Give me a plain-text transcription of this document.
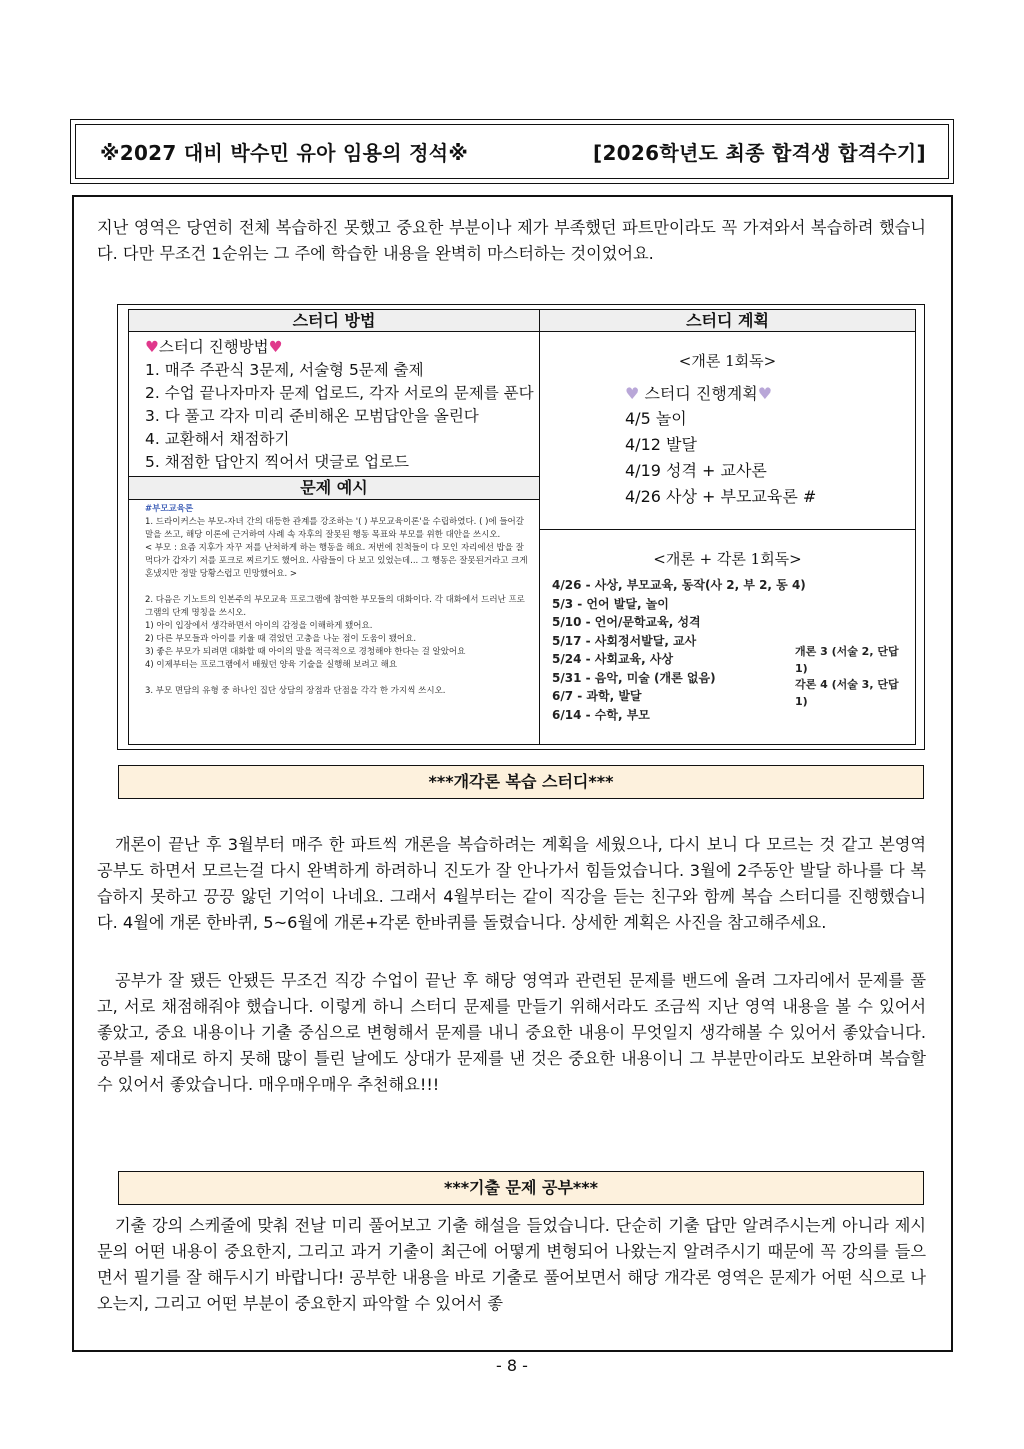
※2027 대비 박수민 유아 임용의 정석※	[2026학년도 최종 합격생 합격수기]

지난 영역은 당연히 전체 복습하진 못했고 중요한 부분이나 제가 부족했던 파트만이라도 꼭 가져와서 복습하려 했습니다. 다만 무조건 1순위는 그 주에 학습한 내용을 완벽히 마스터하는 것이었어요.

스터디 방법
♥스터디 진행방법♥
1. 매주 주관식 3문제, 서술형 5문제 출제
2. 수업 끝나자마자 문제 업로드, 각자 서로의 문제를 푼다
3. 다 풀고 각자 미리 준비해온 모범답안을 올린다
4. 교환해서 채점하기
5. 채점한 답안지 찍어서 댓글로 업로드
문제 예시
#부모교육론
1. 드라이커스는 부모-자녀 간의 대등한 관계를 강조하는 '( ) 부모교육이론'을 수립하였다. ( )에 들어갈 말을 쓰고, 해당 이론에 근거하여 사례 속 자후의 잘못된 행동 목표와 부모를 위한 대안을 쓰시오.
< 부모 : 요즘 지후가 자꾸 저를 난처하게 하는 행동을 해요. 저번에 친척들이 다 모인 자리에선 밥을 잘 먹다가 갑자기 저를 포크로 찌르기도 했어요. 사람들이 다 보고 있었는데... 그 행동은 잘못된거라고 크게 혼냈지만 정말 당황스럽고 민망했어요. >
2. 다음은 기노트의 인본주의 부모교육 프로그램에 참여한 부모들의 대화이다. 각 대화에서 드러난 프로그램의 단계 명칭을 쓰시오.
1) 아이 입장에서 생각하면서 아이의 감정을 이해하게 됐어요.
2) 다른 부모들과 아이를 키울 때 겪었던 고충을 나눈 점이 도움이 됐어요.
3) 좋은 부모가 되려면 대화할 때 아이의 말을 적극적으로 경청해야 한다는 걸 알았어요
4) 이제부터는 프로그램에서 배웠던 양육 기술을 실행해 보려고 해요
3. 부모 면담의 유형 중 하나인 집단 상담의 장점과 단점을 각각 한 가지씩 쓰시오.
스터디 계획
<개론 1회독>
♥ 스터디 진행계획♥
4/5 놀이
4/12 발달
4/19 성격 + 교사론
4/26 사상 + 부모교육론 #
<개론 + 각론 1회독>
4/26 - 사상, 부모교육, 동작(사 2, 부 2, 동 4)
5/3 - 언어 발달, 놀이
5/10 - 언어/문학교육, 성격
5/17 - 사회정서발달, 교사
5/24 - 사회교육, 사상
5/31 - 음악, 미술 (개론 없음)
6/7 - 과학, 발달
6/14 - 수학, 부모
개론 3 (서술 2, 단답 1)
각론 4 (서술 3, 단답 1)
***개각론 복습 스터디***

개론이 끝난 후 3월부터 매주 한 파트씩 개론을 복습하려는 계획을 세웠으나, 다시 보니 다 모르는 것 같고 본영역 공부도 하면서 모르는걸 다시 완벽하게 하려하니 진도가 잘 안나가서 힘들었습니다. 3월에 2주동안 발달 하나를 다 복습하지 못하고 끙끙 앓던 기억이 나네요. 그래서 4월부터는 같이 직강을 듣는 친구와 함께 복습 스터디를 진행했습니다. 4월에 개론 한바퀴, 5~6월에 개론+각론 한바퀴를 돌렸습니다. 상세한 계획은 사진을 참고해주세요.

공부가 잘 됐든 안됐든 무조건 직강 수업이 끝난 후 해당 영역과 관련된 문제를 밴드에 올려 그자리에서 문제를 풀고, 서로 채점해줘야 했습니다. 이렇게 하니 스터디 문제를 만들기 위해서라도 조금씩 지난 영역 내용을 볼 수 있어서 좋았고, 중요 내용이나 기출 중심으로 변형해서 문제를 내니 중요한 내용이 무엇일지 생각해볼 수 있어서 좋았습니다. 공부를 제대로 하지 못해 많이 틀린 날에도 상대가 문제를 낸 것은 중요한 내용이니 그 부분만이라도 보완하며 복습할 수 있어서 좋았습니다. 매우매우매우 추천해요!!!

***기출 문제 공부***

기출 강의 스케줄에 맞춰 전날 미리 풀어보고 기출 해설을 들었습니다. 단순히 기출 답만 알려주시는게 아니라 제시문의 어떤 내용이 중요한지, 그리고 과거 기출이 최근에 어떻게 변형되어 나왔는지 알려주시기 때문에 꼭 강의를 들으면서 필기를 잘 해두시기 바랍니다! 공부한 내용을 바로 기출로 풀어보면서 해당 개각론 영역은 문제가 어떤 식으로 나오는지, 그리고 어떤 부분이 중요한지 파악할 수 있어서 좋

- 8 -
